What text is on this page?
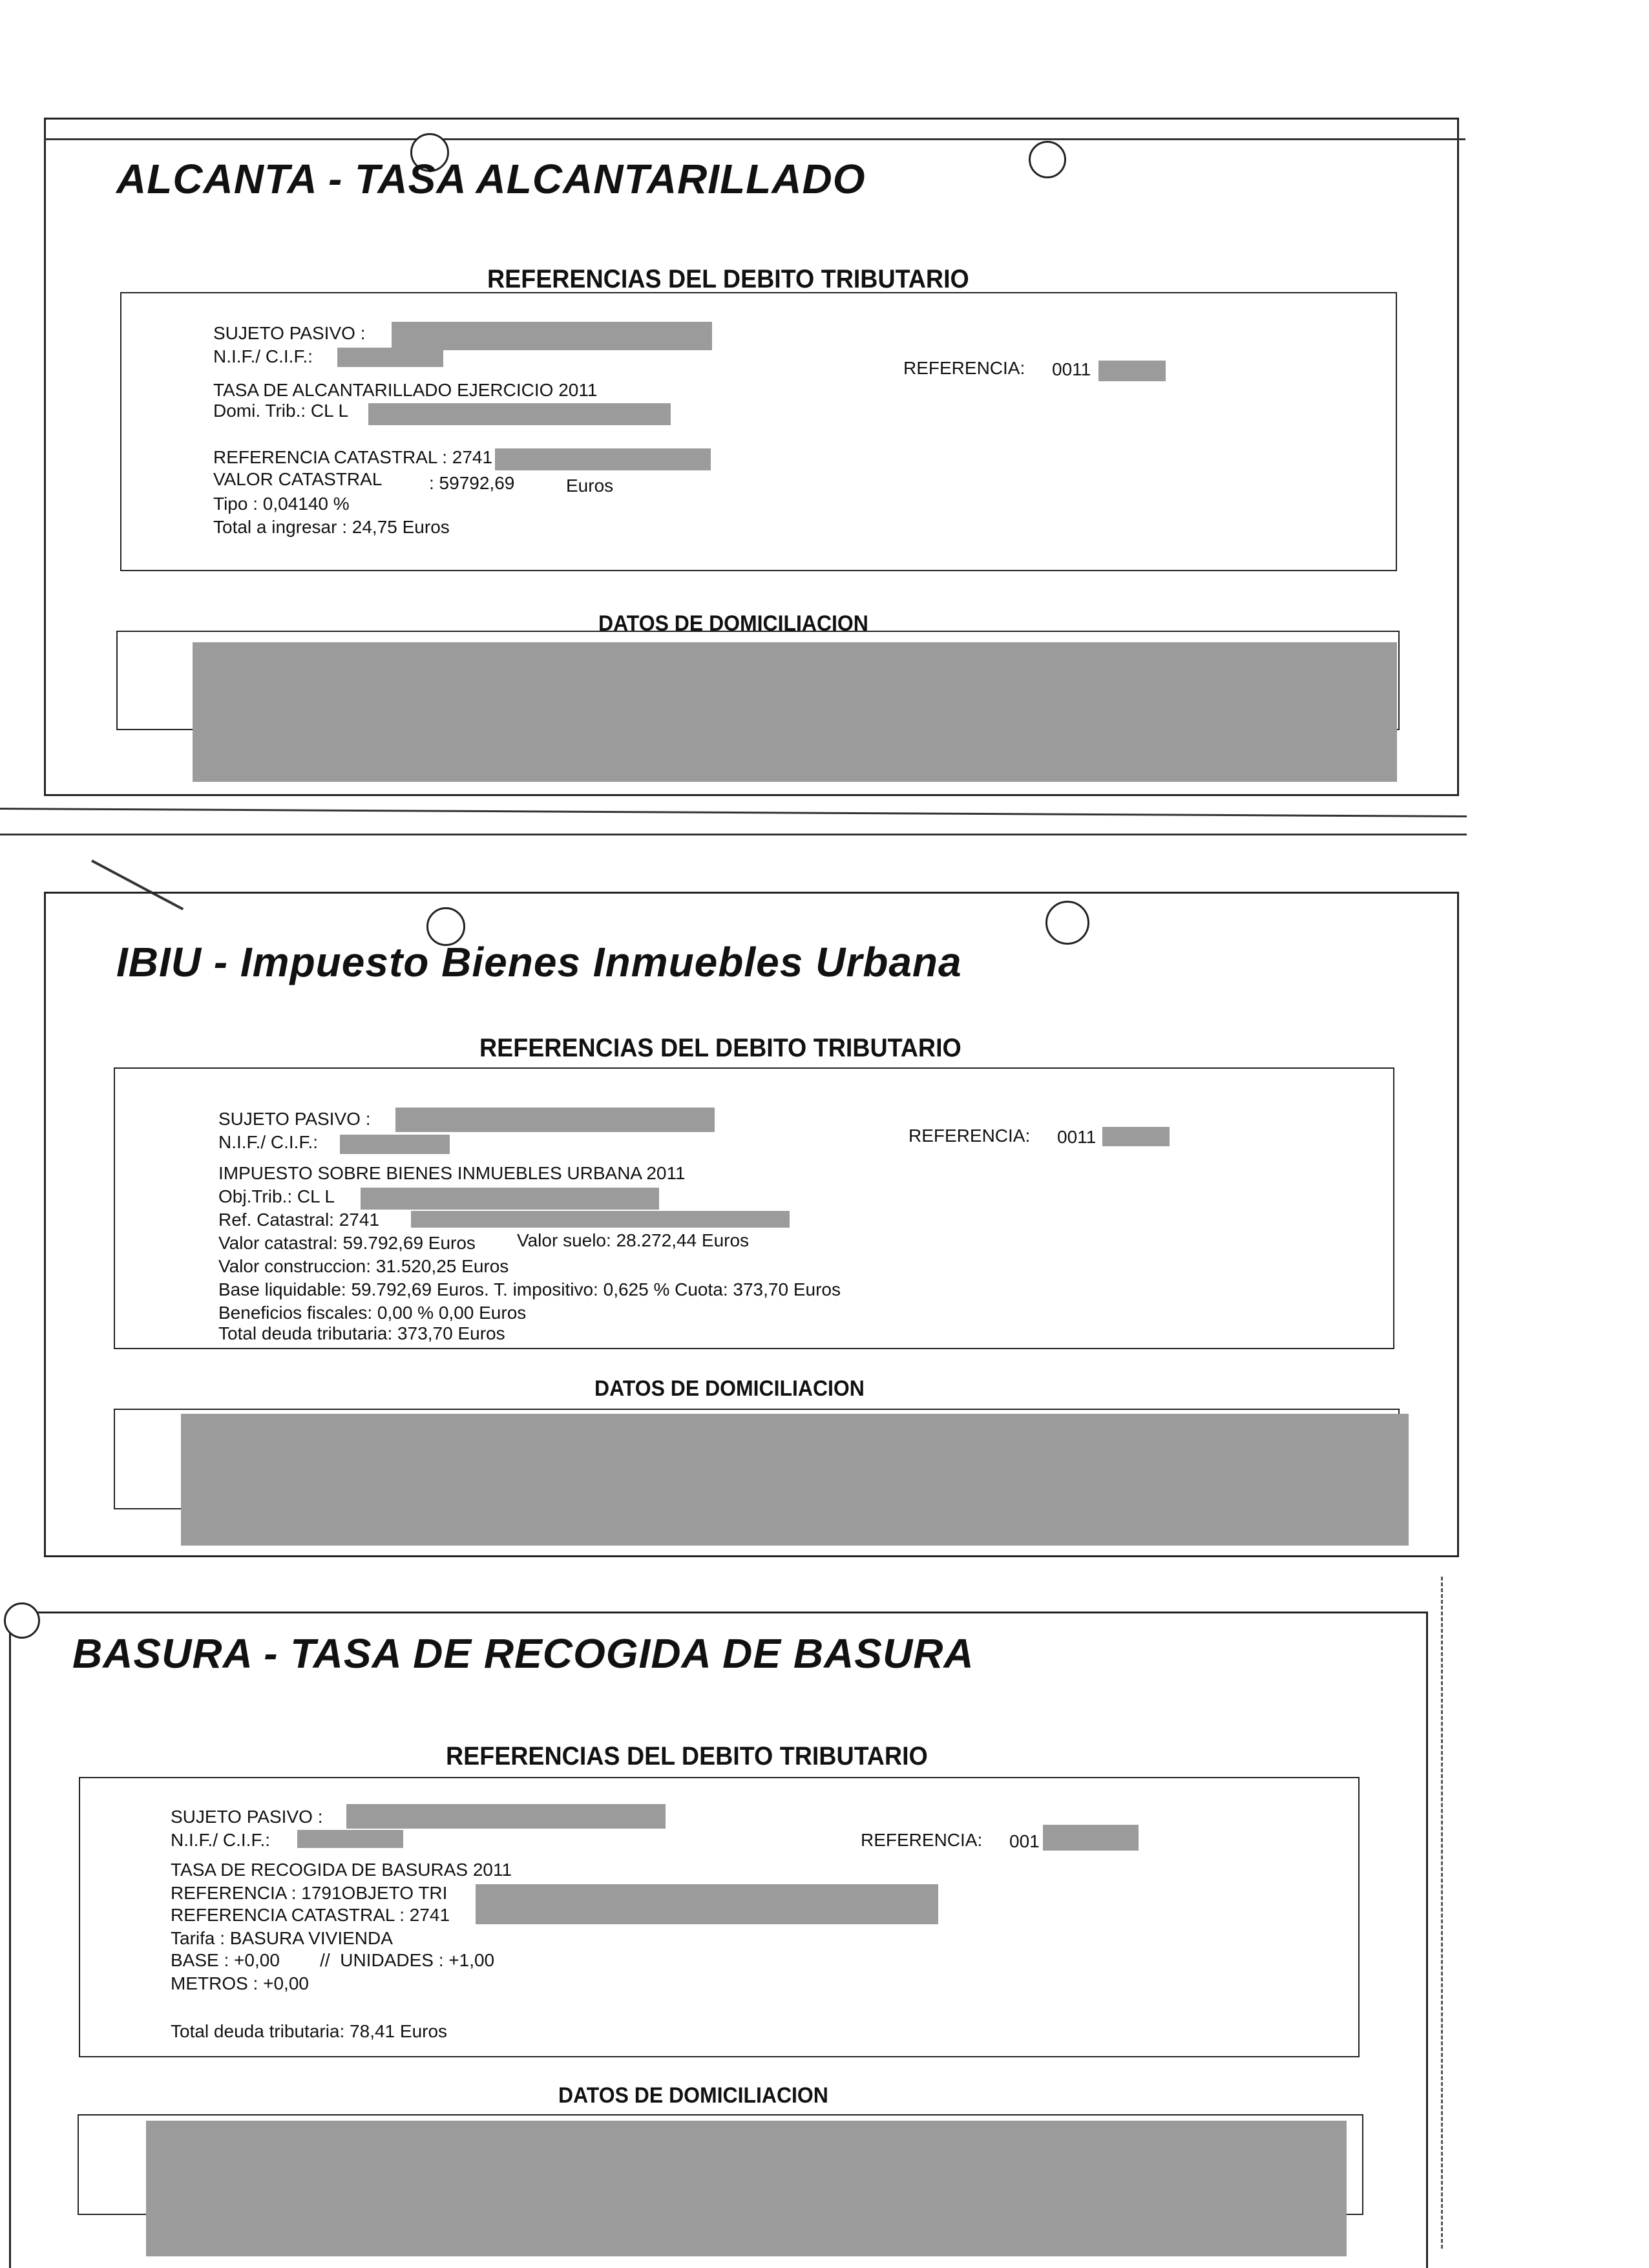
ALCANTA - TASA ALCANTARILLADO
REFERENCIAS DEL DEBITO TRIBUTARIO
SUJETO PASIVO :
N.I.F./ C.I.F.:
REFERENCIA: 0011
TASA DE ALCANTARILLADO EJERCICIO 2011
Domi. Trib.: CL L
REFERENCIA CATASTRAL : 2741
VALOR CATASTRAL	: 59792,69	Euros
Tipo : 0,04140 %
Total a ingresar : 24,75 Euros
DATOS DE DOMICILIACION
IBIU - Impuesto Bienes Inmuebles Urbana
REFERENCIAS DEL DEBITO TRIBUTARIO
SUJETO PASIVO :
N.I.F./ C.I.F.:	REFERENCIA: 0011
IMPUESTO SOBRE BIENES INMUEBLES URBANA 2011
Obj.Trib.: CL L
Ref. Catastral: 2741
Valor catastral: 59.792,69 Euros Valor suelo: 28.272,44 Euros
Valor construccion: 31.520,25 Euros
Base liquidable: 59.792,69 Euros. T. impositivo: 0,625 % Cuota: 373,70 Euros
Beneficios fiscales: 0,00 % 0,00 Euros
Total deuda tributaria: 373,70 Euros
DATOS DE DOMICILIACION
BASURA - TASA DE RECOGIDA DE BASURA
REFERENCIAS DEL DEBITO TRIBUTARIO
SUJETO PASIVO :
N.I.F./ C.I.F.:	REFERENCIA: 001
TASA DE RECOGIDA DE BASURAS 2011
REFERENCIA : 1791OBJETO TRI
REFERENCIA CATASTRAL : 2741
Tarifa : BASURA VIVIENDA
BASE : +0,00        //  UNIDADES : +1,00
METROS : +0,00
Total deuda tributaria: 78,41 Euros
DATOS DE DOMICILIACION
